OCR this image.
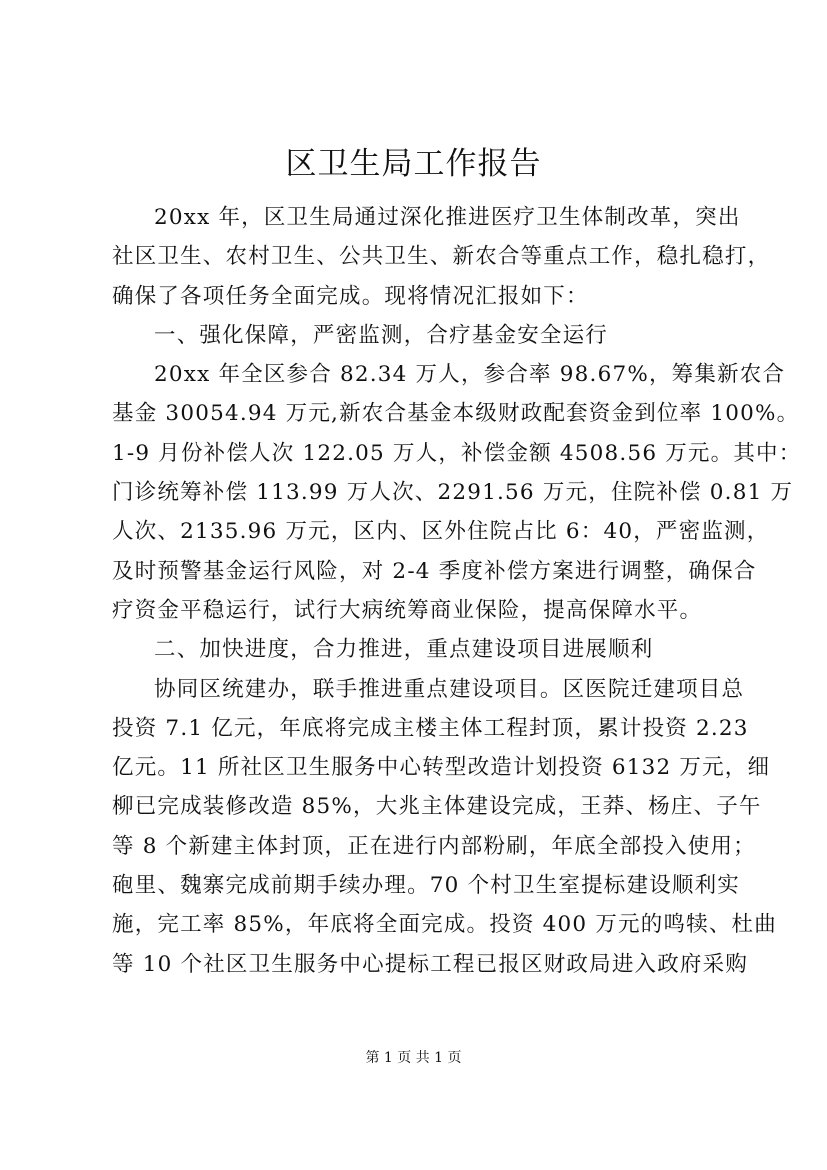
区卫生局工作报告
20xx 年，区卫生局通过深化推进医疗卫生体制改革，突出
社区卫生、农村卫生、公共卫生、新农合等重点工作，稳扎稳打，
确保了各项任务全面完成。现将情况汇报如下：
一、强化保障，严密监测，合疗基金安全运行
20xx 年全区参合 82.34 万人，参合率 98.67%，筹集新农合
基金 30054.94 万元,新农合基金本级财政配套资金到位率 100%。
1-9 月份补偿人次 122.05 万人，补偿金额 4508.56 万元。其中：
门诊统筹补偿 113.99 万人次、2291.56 万元，住院补偿 0.81 万
人次、2135.96 万元，区内、区外住院占比 6：40，严密监测，
及时预警基金运行风险，对 2-4 季度补偿方案进行调整，确保合
疗资金平稳运行，试行大病统筹商业保险，提高保障水平。
二、加快进度，合力推进，重点建设项目进展顺利
协同区统建办，联手推进重点建设项目。区医院迁建项目总
投资 7.1 亿元，年底将完成主楼主体工程封顶，累计投资 2.23
亿元。11 所社区卫生服务中心转型改造计划投资 6132 万元，细
柳已完成装修改造 85%，大兆主体建设完成，王莽、杨庄、子午
等 8 个新建主体封顶，正在进行内部粉刷，年底全部投入使用；
砲里、魏寨完成前期手续办理。70 个村卫生室提标建设顺利实
施，完工率 85%，年底将全面完成。投资 400 万元的鸣犊、杜曲
等 10 个社区卫生服务中心提标工程已报区财政局进入政府采购
第 1 页 共 1 页
